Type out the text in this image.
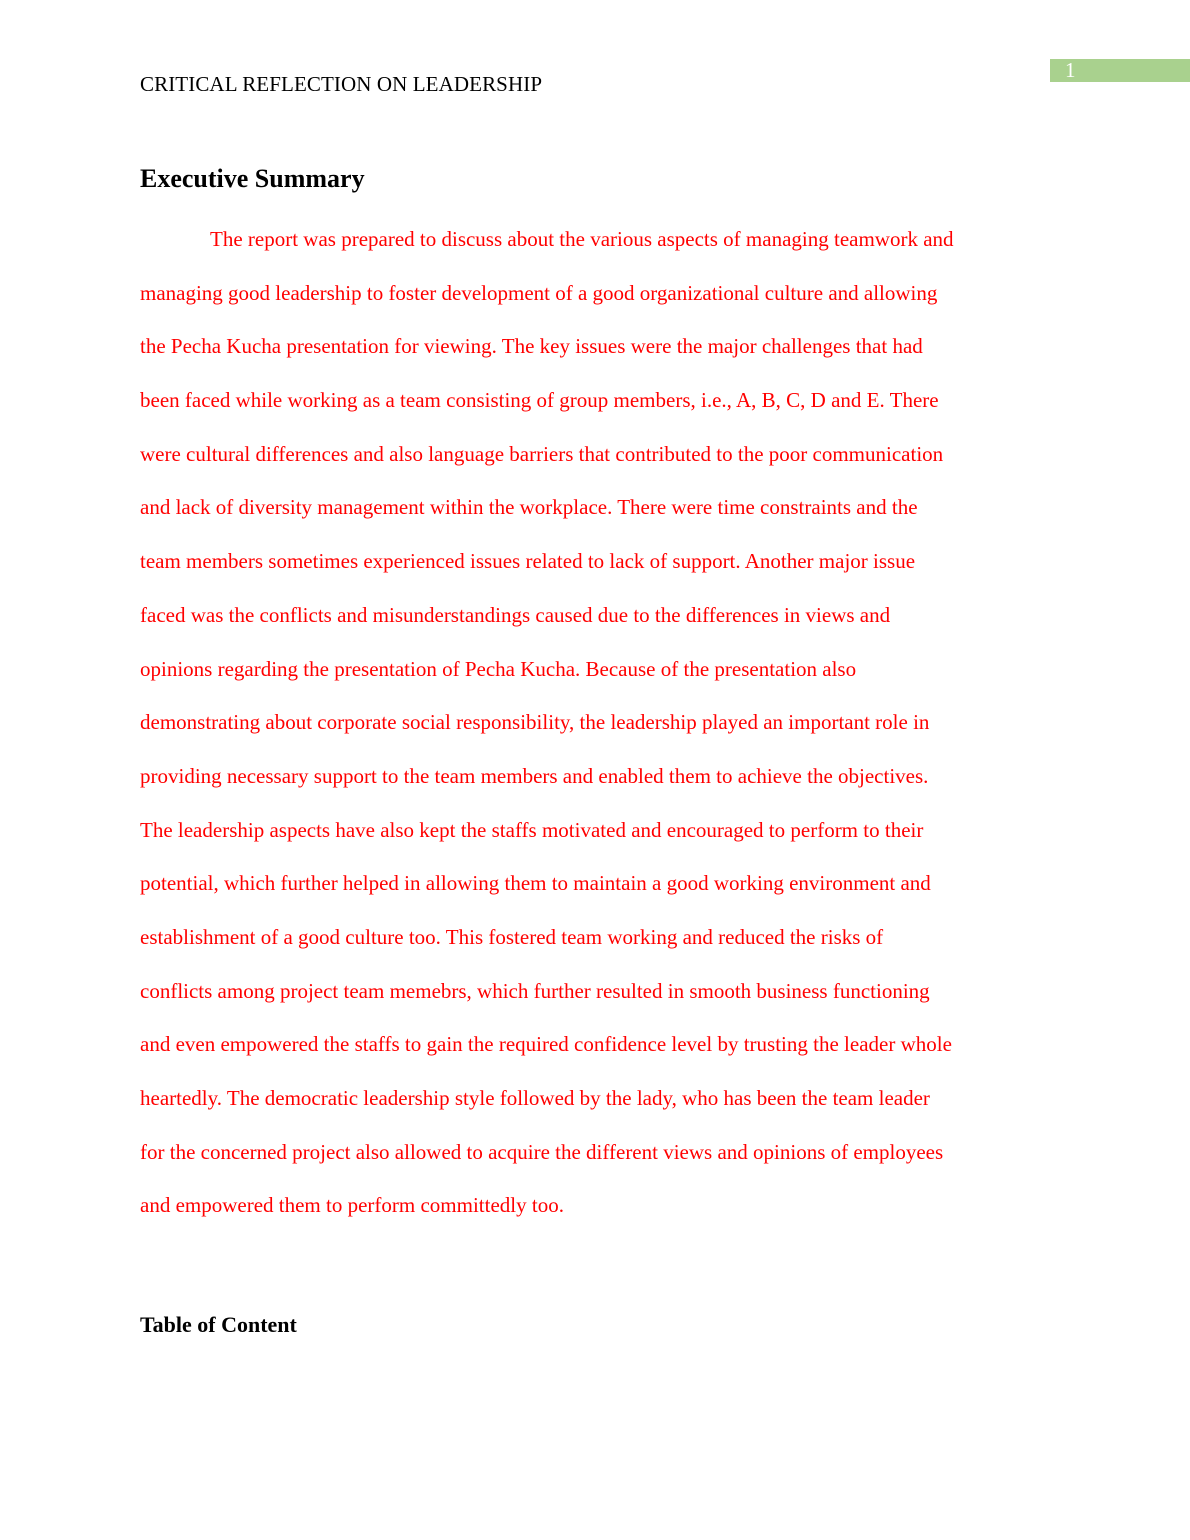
1
CRITICAL REFLECTION ON LEADERSHIP
Executive Summary
The report was prepared to discuss about the various aspects of managing teamwork and
managing good leadership to foster development of a good organizational culture and allowing
the Pecha Kucha presentation for viewing. The key issues were the major challenges that had
been faced while working as a team consisting of group members, i.e., A, B, C, D and E. There
were cultural differences and also language barriers that contributed to the poor communication
and lack of diversity management within the workplace. There were time constraints and the
team members sometimes experienced issues related to lack of support. Another major issue
faced was the conflicts and misunderstandings caused due to the differences in views and
opinions regarding the presentation of Pecha Kucha. Because of the presentation also
demonstrating about corporate social responsibility, the leadership played an important role in
providing necessary support to the team members and enabled them to achieve the objectives.
The leadership aspects have also kept the staffs motivated and encouraged to perform to their
potential, which further helped in allowing them to maintain a good working environment and
establishment of a good culture too. This fostered team working and reduced the risks of
conflicts among project team memebrs, which further resulted in smooth business functioning
and even empowered the staffs to gain the required confidence level by trusting the leader whole
heartedly. The democratic leadership style followed by the lady, who has been the team leader
for the concerned project also allowed to acquire the different views and opinions of employees
and empowered them to perform committedly too.
Table of Content
